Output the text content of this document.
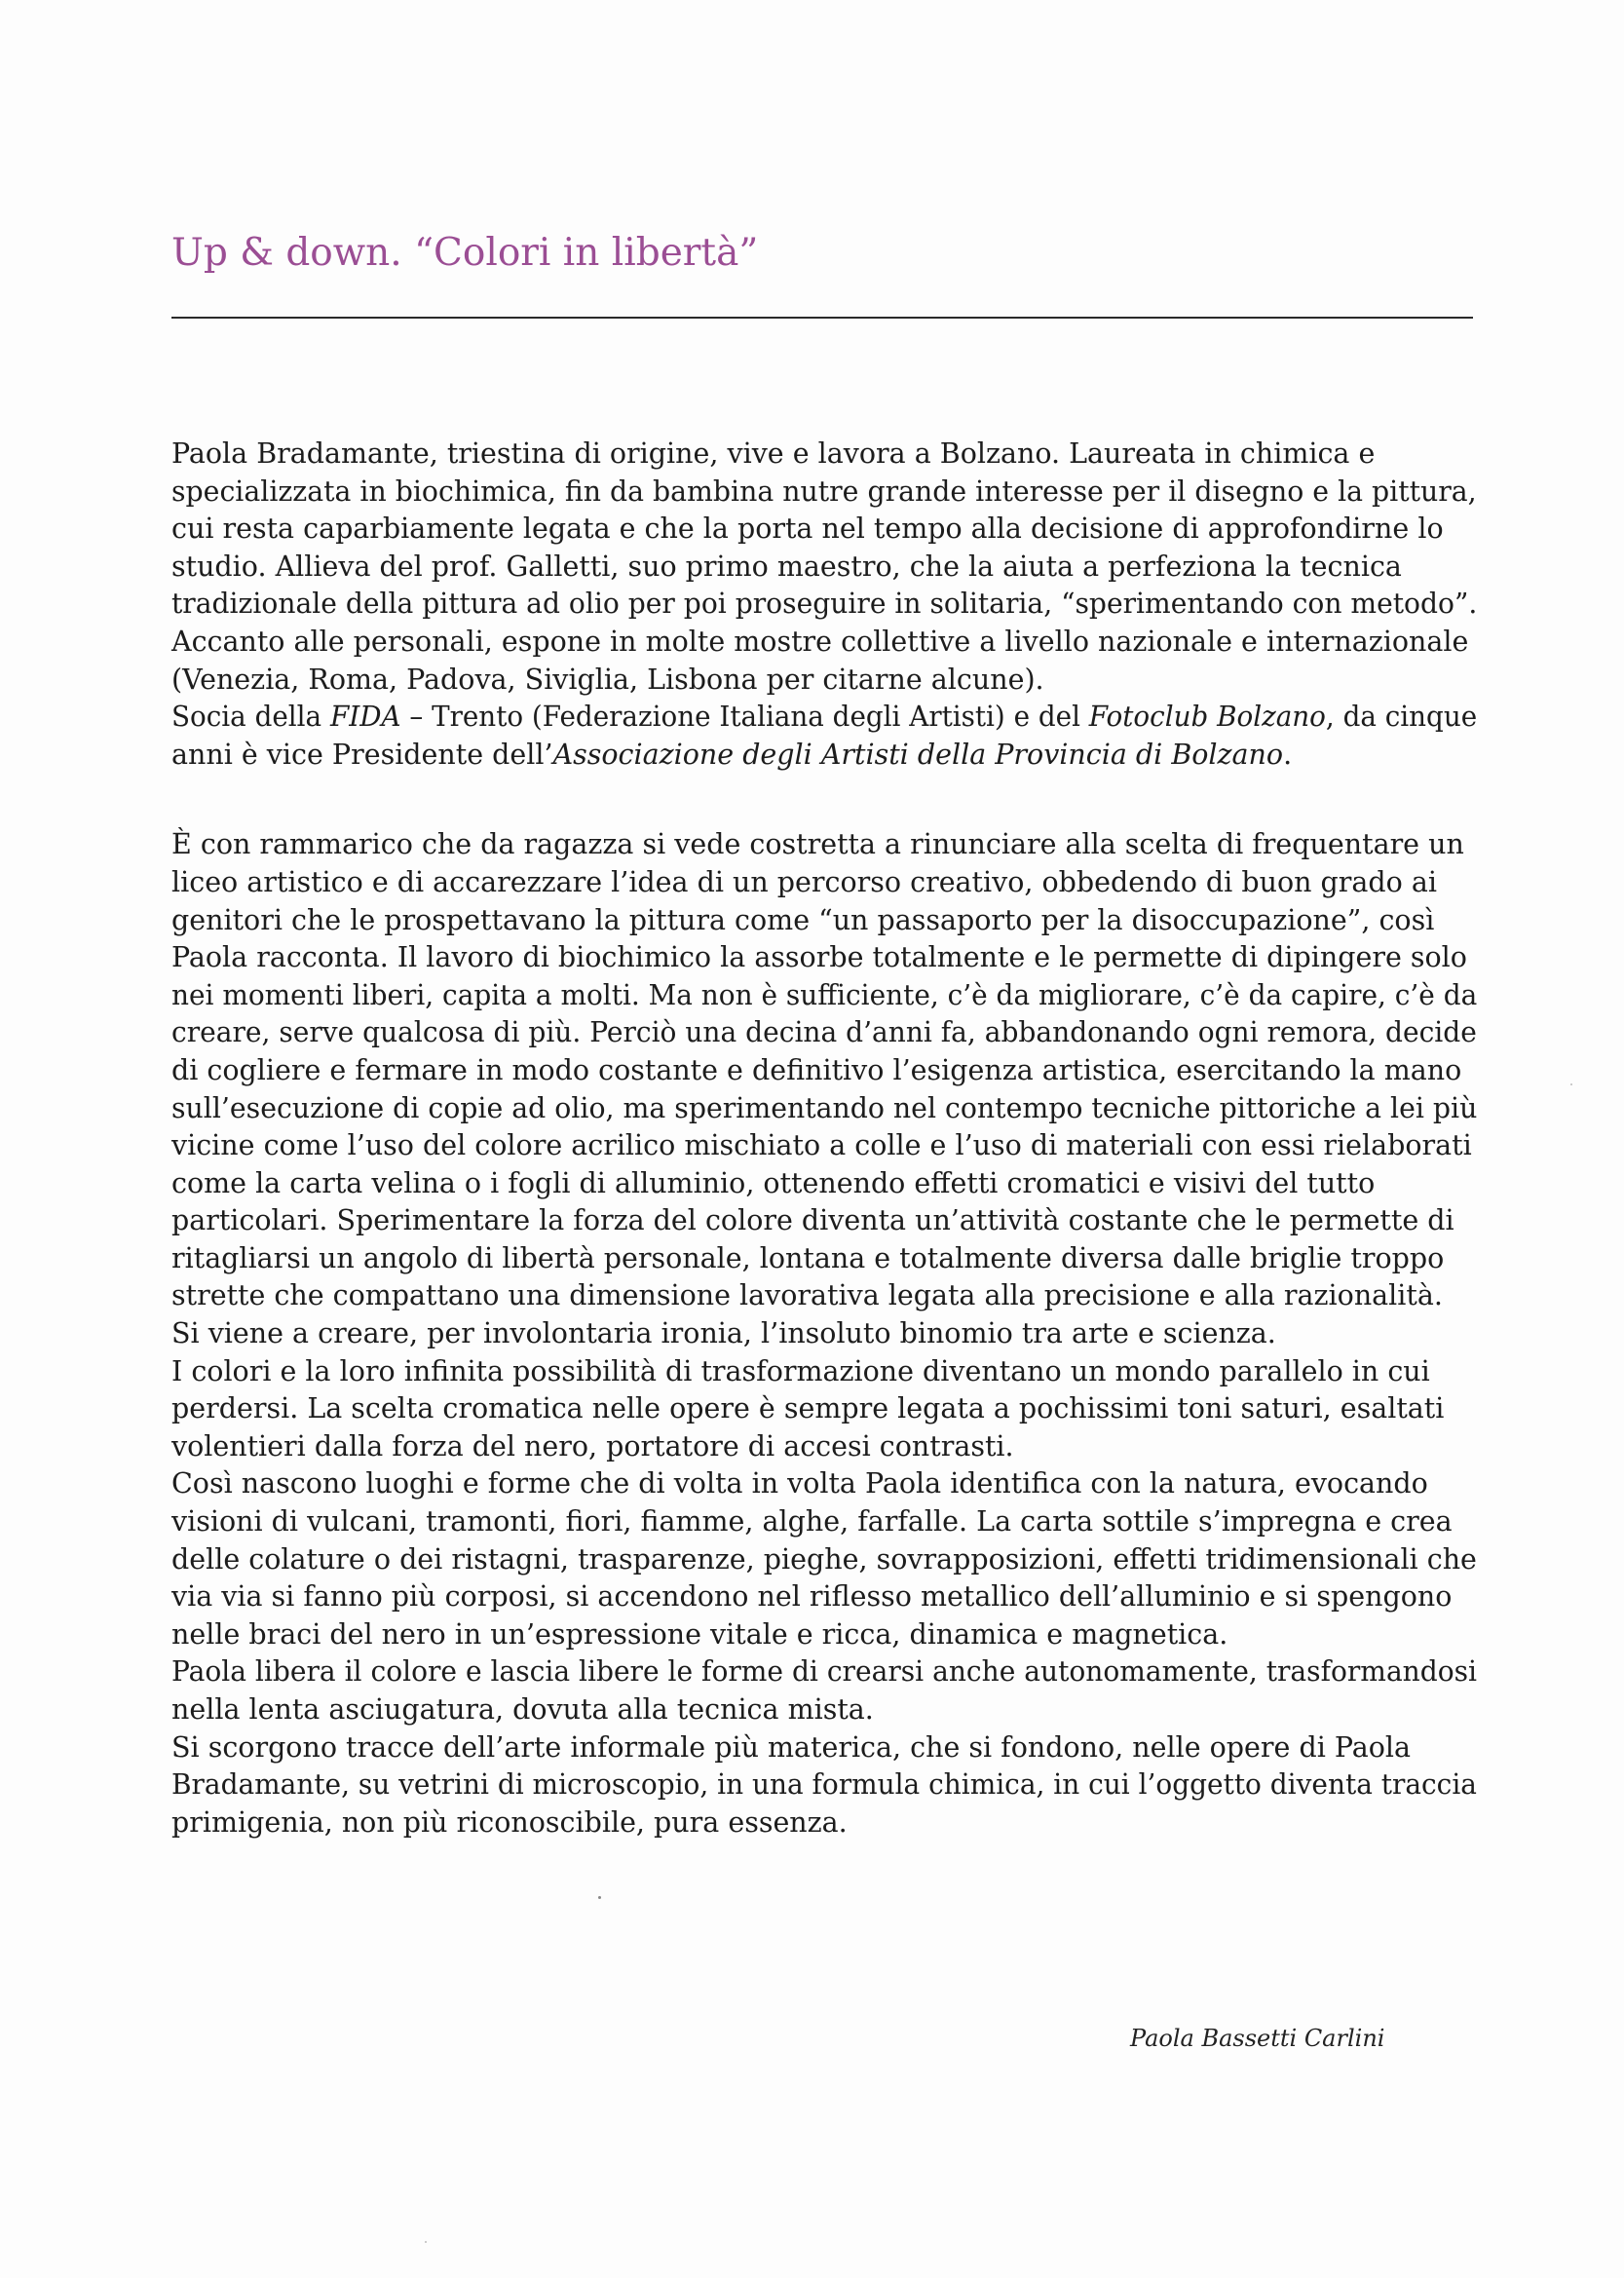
Up & down. “Colori in libertà”

Paola Bradamante, triestina di origine, vive e lavora a Bolzano. Laureata in chimica e
specializzata in biochimica, fin da bambina nutre grande interesse per il disegno e la pittura,
cui resta caparbiamente legata e che la porta nel tempo alla decisione di approfondirne lo
studio. Allieva del prof. Galletti, suo primo maestro, che la aiuta a perfeziona la tecnica
tradizionale della pittura ad olio per poi proseguire in solitaria, “sperimentando con metodo”.
Accanto alle personali, espone in molte mostre collettive a livello nazionale e internazionale
(Venezia, Roma, Padova, Siviglia, Lisbona per citarne alcune).
Socia della FIDA – Trento (Federazione Italiana degli Artisti) e del Fotoclub Bolzano, da cinque
anni è vice Presidente dell’Associazione degli Artisti della Provincia di Bolzano.

È con rammarico che da ragazza si vede costretta a rinunciare alla scelta di frequentare un
liceo artistico e di accarezzare l’idea di un percorso creativo, obbedendo di buon grado ai
genitori che le prospettavano la pittura come “un passaporto per la disoccupazione”, così
Paola racconta. Il lavoro di biochimico la assorbe totalmente e le permette di dipingere solo
nei momenti liberi, capita a molti. Ma non è sufficiente, c’è da migliorare, c’è da capire, c’è da
creare, serve qualcosa di più. Perciò una decina d’anni fa, abbandonando ogni remora, decide
di cogliere e fermare in modo costante e definitivo l’esigenza artistica, esercitando la mano
sull’esecuzione di copie ad olio, ma sperimentando nel contempo tecniche pittoriche a lei più
vicine come l’uso del colore acrilico mischiato a colle e l’uso di materiali con essi rielaborati
come la carta velina o i fogli di alluminio, ottenendo effetti cromatici e visivi del tutto
particolari. Sperimentare la forza del colore diventa un’attività costante che le permette di
ritagliarsi un angolo di libertà personale, lontana e totalmente diversa dalle briglie troppo
strette che compattano una dimensione lavorativa legata alla precisione e alla razionalità.
Si viene a creare, per involontaria ironia, l’insoluto binomio tra arte e scienza.
I colori e la loro infinita possibilità di trasformazione diventano un mondo parallelo in cui
perdersi. La scelta cromatica nelle opere è sempre legata a pochissimi toni saturi, esaltati
volentieri dalla forza del nero, portatore di accesi contrasti.
Così nascono luoghi e forme che di volta in volta Paola identifica con la natura, evocando
visioni di vulcani, tramonti, fiori, fiamme, alghe, farfalle. La carta sottile s’impregna e crea
delle colature o dei ristagni, trasparenze, pieghe, sovrapposizioni, effetti tridimensionali che
via via si fanno più corposi, si accendono nel riflesso metallico dell’alluminio e si spengono
nelle braci del nero in un’espressione vitale e ricca, dinamica e magnetica.
Paola libera il colore e lascia libere le forme di crearsi anche autonomamente, trasformandosi
nella lenta asciugatura, dovuta alla tecnica mista.
Si scorgono tracce dell’arte informale più materica, che si fondono, nelle opere di Paola
Bradamante, su vetrini di microscopio, in una formula chimica, in cui l’oggetto diventa traccia
primigenia, non più riconoscibile, pura essenza.

Paola Bassetti Carlini
